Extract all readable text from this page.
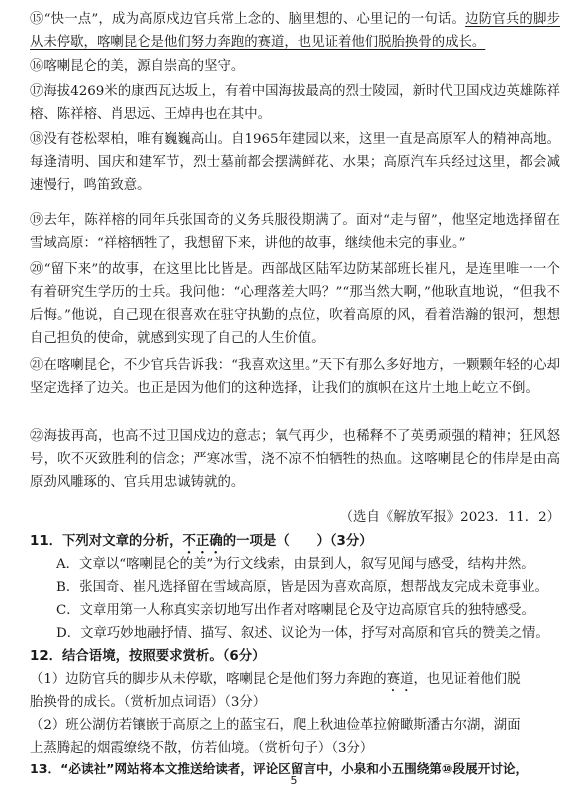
⑮“快一点”，成为高原戍边官兵常上念的、脑里想的、心里记的一句话。边防官兵的脚步从未停歇，喀喇昆仑是他们努力奔跑的赛道，也见证着他们脱胎换骨的成长。
⑯喀喇昆仑的美，源自崇高的坚守。
⑰海拔4269米的康西瓦达坂上，有着中国海拔最高的烈士陵园，新时代卫国戍边英雄陈祥榕、陈祥榕、肖思远、王焯冉也在其中。
⑱没有苍松翠柏，唯有巍巍高山。自1965年建园以来，这里一直是高原军人的精神高地。每逢清明、国庆和建军节，烈士墓前都会摆满鲜花、水果；高原汽车兵经过这里，都会减速慢行，鸣笛致意。
⑲去年，陈祥榕的同年兵张国奇的义务兵服役期满了。面对“走与留”，他坚定地选择留在雪域高原：“祥榕牺牲了，我想留下来，讲他的故事，继续他未完的事业。”
⑳“留下来”的故事，在这里比比皆是。西部战区陆军边防某部班长崔凡，是连里唯一一个有着研究生学历的士兵。我问他：“心理落差大吗？”“那当然大啊，”他耿直地说，“但我不后悔。”他说，自己现在很喜欢在驻守执勤的点位，吹着高原的风，看着浩瀚的银河，想想自己担负的使命，就感到实现了自己的人生价值。
㉑在喀喇昆仑，不少官兵告诉我：“我喜欢这里。”天下有那么多好地方，一颗颗年轻的心却坚定选择了边关。也正是因为他们的这种选择，让我们的旗帜在这片土地上屹立不倒。
㉒海拔再高，也高不过卫国戍边的意志；氧气再少，也稀释不了英勇顽强的精神；狂风怒号，吹不灭致胜利的信念；严寒冰雪，浇不凉不怕牺牲的热血。这喀喇昆仑的伟岸是由高原劲风雕琢的、官兵用忠诚铸就的。
（选自《解放军报》2023．11．2）
11．下列对文章的分析，不正确的一项是（　　）（3分）
A．文章以“喀喇昆仑的美”为行文线索，由景到人，叙写见闻与感受，结构井然。
B．张国奇、崔凡选择留在雪域高原，皆是因为喜欢高原，想帮战友完成未竟事业。
C．文章用第一人称真实亲切地写出作者对喀喇昆仑及守边高原官兵的独特感受。
D．文章巧妙地融抒情、描写、叙述、议论为一体，抒写对高原和官兵的赞美之情。
12．结合语境，按照要求赏析。（6分）
（1）边防官兵的脚步从未停歇，喀喇昆仑是他们努力奔跑的赛道，也见证着他们脱
胎换骨的成长。（赏析加点词语）（3分）
（2）班公湖仿若镶嵌于高原之上的蓝宝石，爬上秋迪俭革拉俯瞰斯潘古尔湖，湖面
上蒸腾起的烟霞缭绕不散，仿若仙境。（赏析句子）（3分）
13．“必读社”网站将本文推送给读者，评论区留言中，小泉和小五围绕第⑩段展开讨论，
5
